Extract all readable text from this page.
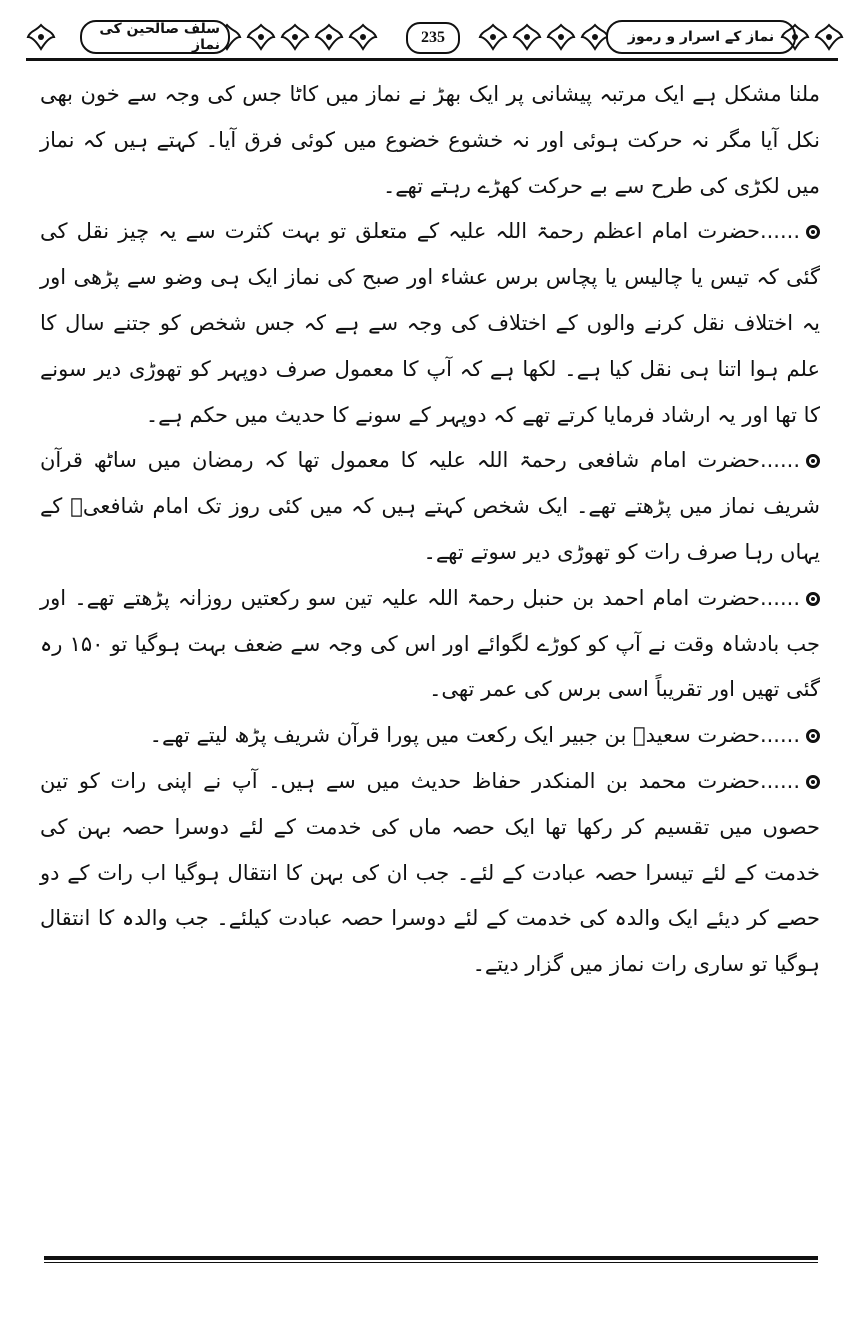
نماز کے اسرار و رموز
235
سلف صالحین کی نماز

ملنا مشکل ہے ایک مرتبہ پیشانی پر ایک بھڑ نے نماز میں کاٹا جس کی وجہ سے خون بھی نکل آیا مگر نہ حرکت ہوئی اور نہ خشوع خضوع میں کوئی فرق آیا۔ کہتے ہیں کہ نماز میں لکڑی کی طرح سے بے حرکت کھڑے رہتے تھے۔

......حضرت امام اعظم رحمۃ اللہ علیہ کے متعلق تو بہت کثرت سے یہ چیز نقل کی گئی کہ تیس یا چالیس یا پچاس برس عشاء اور صبح کی نماز ایک ہی وضو سے پڑھی اور یہ اختلاف نقل کرنے والوں کے اختلاف کی وجہ سے ہے کہ جس شخص کو جتنے سال کا علم ہوا اتنا ہی نقل کیا ہے۔ لکھا ہے کہ آپ کا معمول صرف دوپہر کو تھوڑی دیر سونے کا تھا اور یہ ارشاد فرمایا کرتے تھے کہ دوپہر کے سونے کا حدیث میں حکم ہے۔

......حضرت امام شافعی رحمۃ اللہ علیہ کا معمول تھا کہ رمضان میں ساٹھ قرآن شریف نماز میں پڑھتے تھے۔ ایک شخص کہتے ہیں کہ میں کئی روز تک امام شافعیؒ کے یہاں رہا صرف رات کو تھوڑی دیر سوتے تھے۔

......حضرت امام احمد بن حنبل رحمۃ اللہ علیہ تین سو رکعتیں روزانہ پڑھتے تھے۔ اور جب بادشاہ وقت نے آپ کو کوڑے لگوائے اور اس کی وجہ سے ضعف بہت ہوگیا تو ۱۵۰ رہ گئی تھیں اور تقریباً اسی برس کی عمر تھی۔

......حضرت سعیدؒ بن جبیر ایک رکعت میں پورا قرآن شریف پڑھ لیتے تھے۔

......حضرت محمد بن المنکدر حفاظ حدیث میں سے ہیں۔ آپ نے اپنی رات کو تین حصوں میں تقسیم کر رکھا تھا ایک حصہ ماں کی خدمت کے لئے دوسرا حصہ بہن کی خدمت کے لئے تیسرا حصہ عبادت کے لئے۔ جب ان کی بہن کا انتقال ہوگیا اب رات کے دو حصے کر دیئے ایک والدہ کی خدمت کے لئے دوسرا حصہ عبادت کیلئے۔ جب والدہ کا انتقال ہوگیا تو ساری رات نماز میں گزار دیتے۔
